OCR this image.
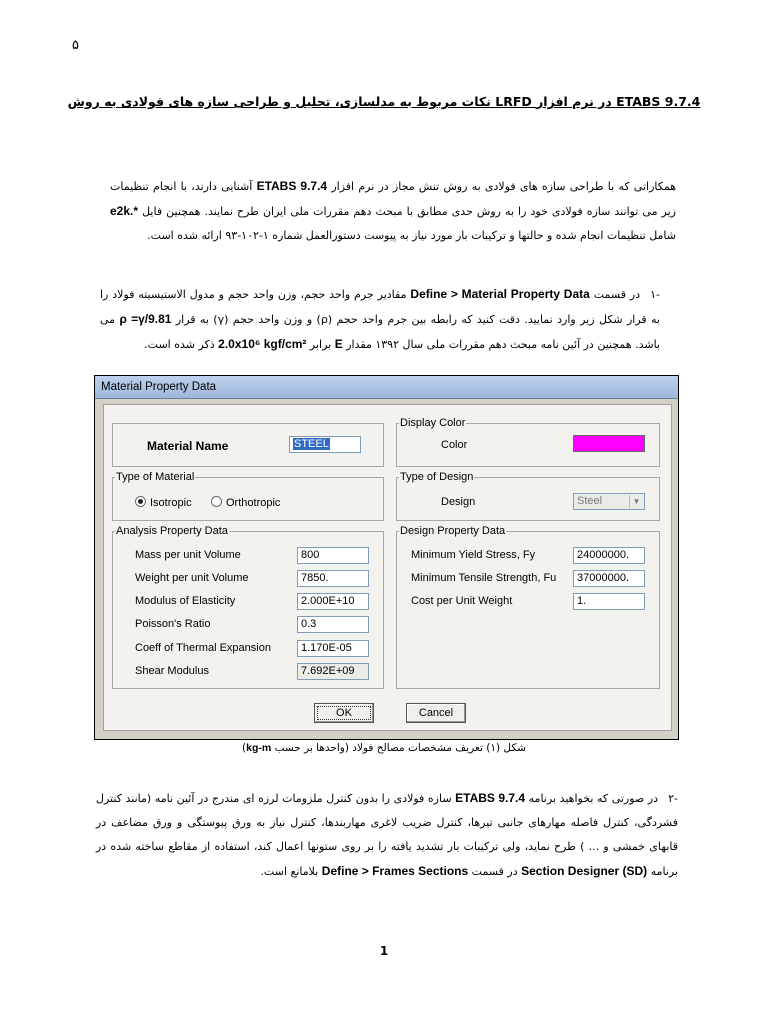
۵
نکات مربوط به مدلسازی، تحلیل و طراحی سازه های فولادی به روش LRFD در نرم افزار ETABS 9.7.4
همکاراتی که با طراحی سازه های فولادی به روش تنش مجاز در نرم افزار ETABS 9.7.4 آشنایی دارند، با انجام تنظیمات زیر می توانند سازه فولادی خود را به روش حدی مطابق با مبحث دهم مقررات ملی ایران طرح نمایند. همچنین فایل *.e2k شامل تنظیمات انجام شده و حالتها و ترکیبات بار مورد نیاز به پیوست دستورالعمل شماره ۱-۱۰۲-۹۳ ارائه شده است.
-۱در قسمت Define > Material Property Data مقادیر جرم واحد حجم، وزن واحد حجم و مدول الاستیسیته فولاد را به قرار شکل زیر وارد نمایید. دقت کنید که رابطه بین جرم واحد حجم (ρ) و وزن واحد حجم (γ) به قرار ρ =γ/9.81 می باشد. همچنین در آئین نامه مبحث دهم مقررات ملی سال ۱۳۹۲ مقدار E برابر 2.0x10⁶ kgf/cm² ذکر شده است.
Material Property Data
Material Name	STEEL
Display Color
Color
Type of Material
Isotropic	Orthotropic
Type of Design
Design	Steel	▼
Analysis Property Data
Mass per unit Volume	800
Weight per unit Volume	7850.
Modulus of Elasticity	2.000E+10
Poisson's Ratio	0.3
Coeff of Thermal Expansion	1.170E-05
Shear Modulus	7.692E+09
Design Property Data
Minimum Yield Stress, Fy	24000000.
Minimum Tensile Strength, Fu	37000000.
Cost per Unit Weight	1.
OK	Cancel
شکل (۱) تعریف مشخصات مصالح فولاد (واحدها بر حسب kg-m)
-۲در صورتی که بخواهید برنامه ETABS 9.7.4 سازه فولادی را بدون کنترل ملزومات لرزه ای مندرج در آئین نامه (مانند کنترل فشردگی، کنترل فاصله مهارهای جانبی تیرها، کنترل ضریب لاغری مهاربندها، کنترل نیاز به ورق پیوستگی و ورق مضاعف در قابهای خمشی و ... ) طرح نماید، ولی ترکیبات بار تشدید یافته را بر روی ستونها اعمال کند، استفاده از مقاطع ساخته شده در برنامه Section Designer (SD) در قسمت Define > Frames Sections بلامانع است.
1
